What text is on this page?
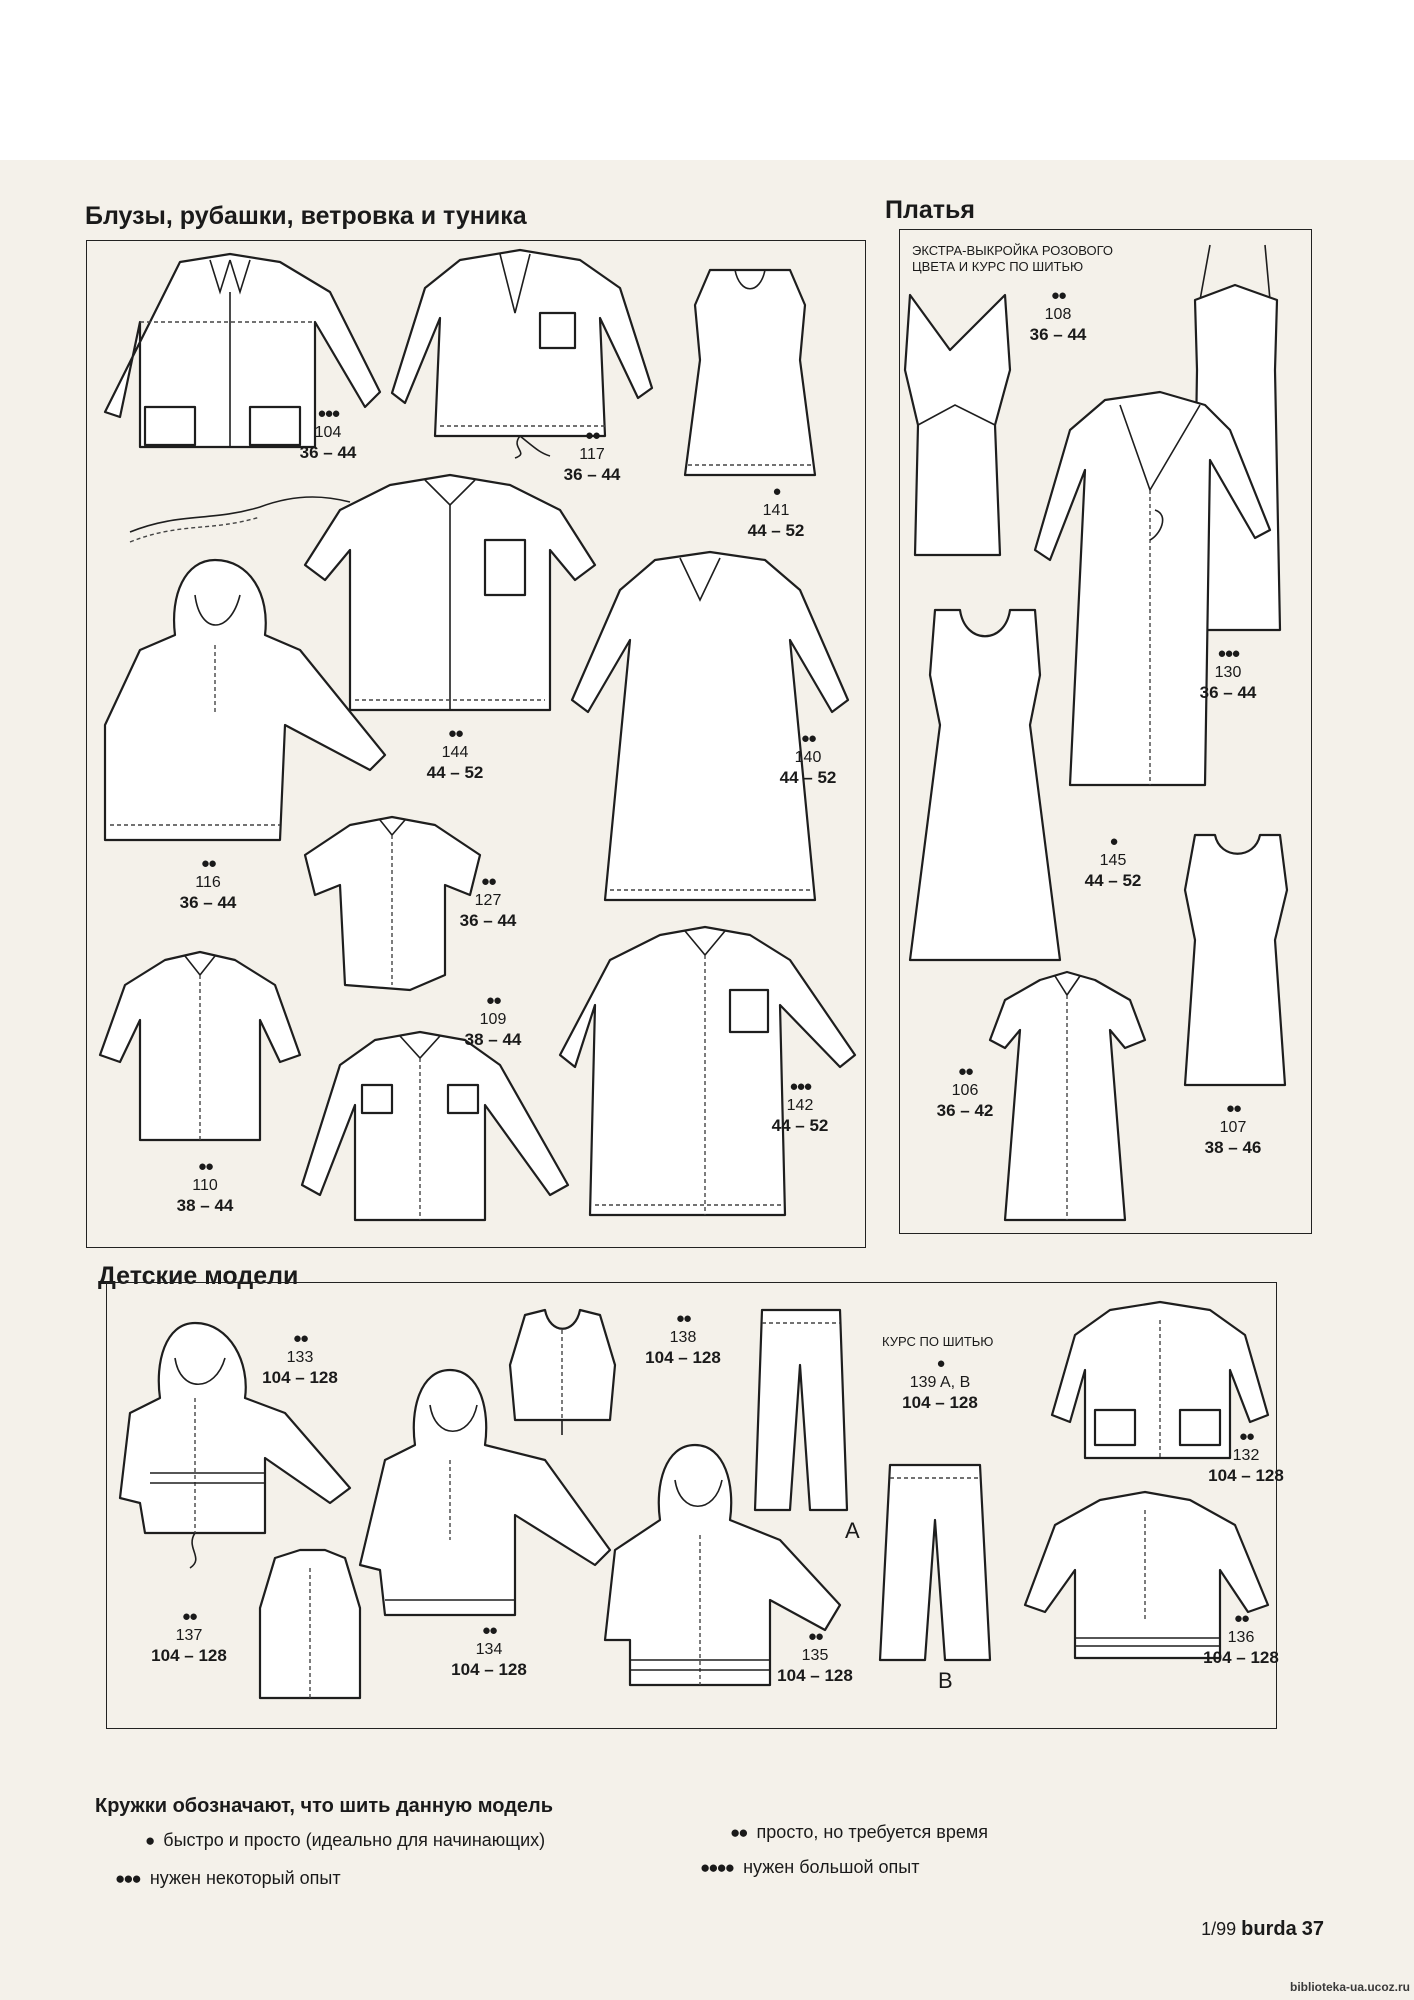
Блузы, рубашки, ветровка и туника	Платья
Детские модели
ЭКСТРА-ВЫКРОЙКА РОЗОВОГО
ЦВЕТА И КУРС ПО ШИТЬЮ
КУРС ПО ШИТЬЮ
●●●
104
36 – 44
●●
117
36 – 44
●
141
44 – 52
●●
144
44 – 52
●●
140
44 – 52
●●
116
36 – 44
●●
127
36 – 44
●●
109
38 – 44
●●●
142
44 – 52
●●
110
38 – 44
●●
108
36 – 44
●●●
130
36 – 44
●
145
44 – 52
●●
106
36 – 42	●●
107
38 – 46
●●
133
104 – 128
●●
138
104 – 128	●
139 A, B
104 – 128
●●
132
104 – 128
●●
137
104 – 128
●●
134
104 – 128
●●
135
104 – 128
●●
136
104 – 128
A
B
Кружки обозначают, что шить данную модель
● быстро и просто (идеально для начинающих)	●● просто, но требуется время
●●● нужен некоторый опыт
●●●● нужен большой опыт
1/99 burda 37
biblioteka-ua.ucoz.ru
